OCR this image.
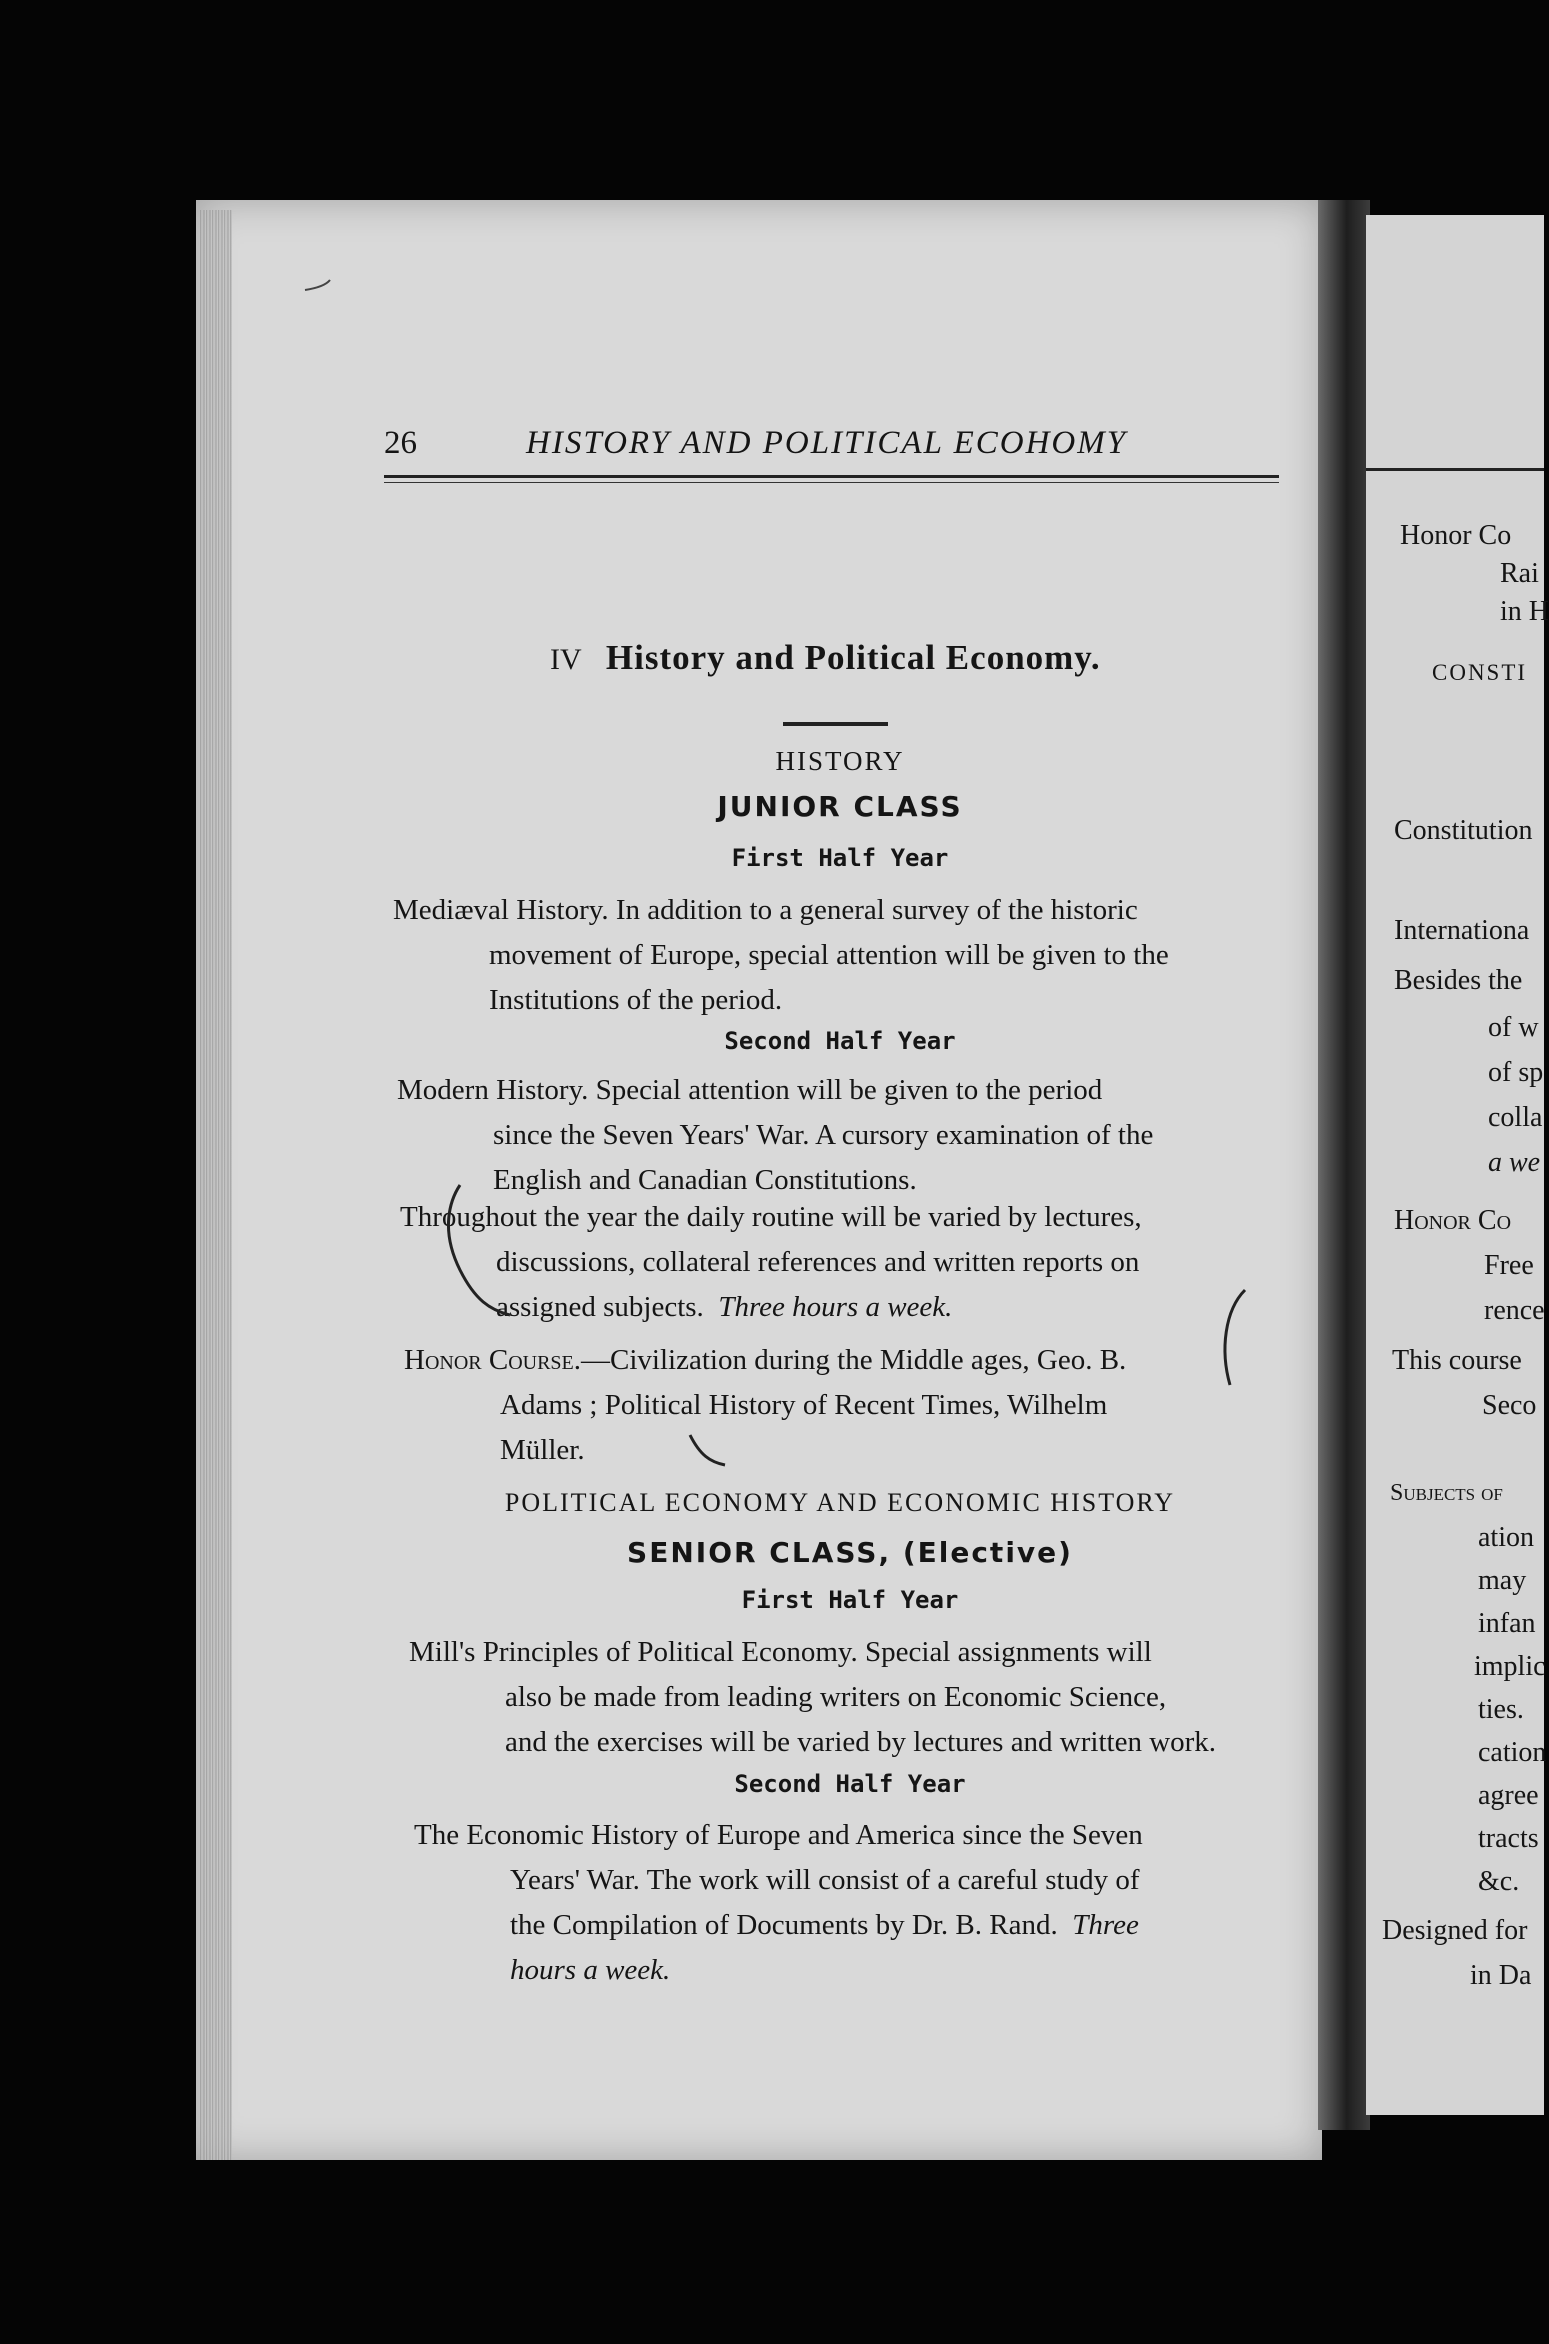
Honor Co
Rai
in H
CONSTI
Constitution
Internationa
Besides the
of w
of sp
colla
a we
Honor Co
Free
rence
This course
Seco
Subjects of
ation
may
infan
implic
ties.
cation
agree
tracts
&c.
Designed for
in Da
26	HISTORY AND POLITICAL ECOHOMY
IV History and Political Economy.
HISTORY
JUNIOR CLASS
First Half Year
Mediæval History. In addition to a general survey of the historic
movement of Europe, special attention will be given to the
Institutions of the period.
Second Half Year
Modern History. Special attention will be given to the period
since the Seven Years' War. A cursory examination of the
English and Canadian Constitutions.
Throughout the year the daily routine will be varied by lectures,
discussions, collateral references and written reports on
assigned subjects. Three hours a week.
Honor Course.—Civilization during the Middle ages, Geo. B.
Adams ; Political History of Recent Times, Wilhelm
Müller.
POLITICAL ECONOMY AND ECONOMIC HISTORY
SENIOR CLASS, (Elective)
First Half Year
Mill's Principles of Political Economy. Special assignments will
also be made from leading writers on Economic Science,
and the exercises will be varied by lectures and written work.
Second Half Year
The Economic History of Europe and America since the Seven
Years' War. The work will consist of a careful study of
the Compilation of Documents by Dr. B. Rand. Three
hours a week.
